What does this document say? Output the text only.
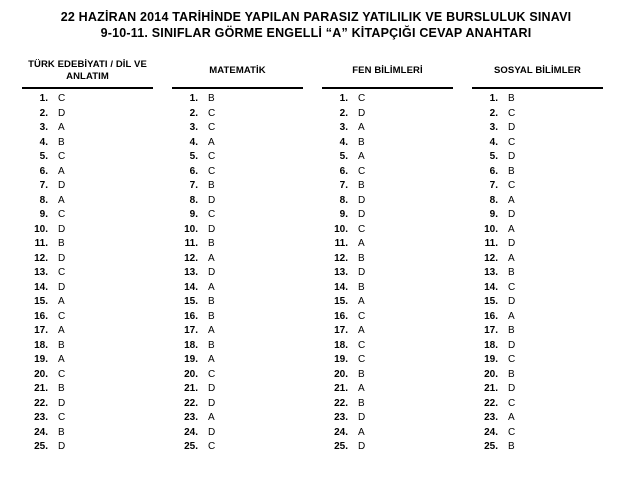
22 HAZİRAN 2014 TARİHİNDE YAPILAN PARASIZ YATILILIK VE BURSLULUK SINAVI
9-10-11. SINIFLAR GÖRME ENGELLİ “A” KİTAPÇIĞI CEVAP ANAHTARI
TÜRK EDEBİYATI / DİL VE ANLATIM
1. C
2. D
3. A
4. B
5. C
6. A
7. D
8. A
9. C
10. D
11. B
12. D
13. C
14. D
15. A
16. C
17. A
18. B
19. A
20. C
21. B
22. D
23. C
24. B
25. D
MATEMATİK
1. B
2. C
3. C
4. A
5. C
6. C
7. B
8. D
9. C
10. D
11. B
12. A
13. D
14. A
15. B
16. B
17. A
18. B
19. A
20. C
21. D
22. D
23. A
24. D
25. C
FEN BİLİMLERİ
1. C
2. D
3. A
4. B
5. A
6. C
7. B
8. D
9. D
10. C
11. A
12. B
13. D
14. B
15. A
16. C
17. A
18. C
19. C
20. B
21. A
22. B
23. D
24. A
25. D
SOSYAL BİLİMLER
1. B
2. C
3. D
4. C
5. D
6. B
7. C
8. A
9. D
10. A
11. D
12. A
13. B
14. C
15. D
16. A
17. B
18. D
19. C
20. B
21. D
22. C
23. A
24. C
25. B
